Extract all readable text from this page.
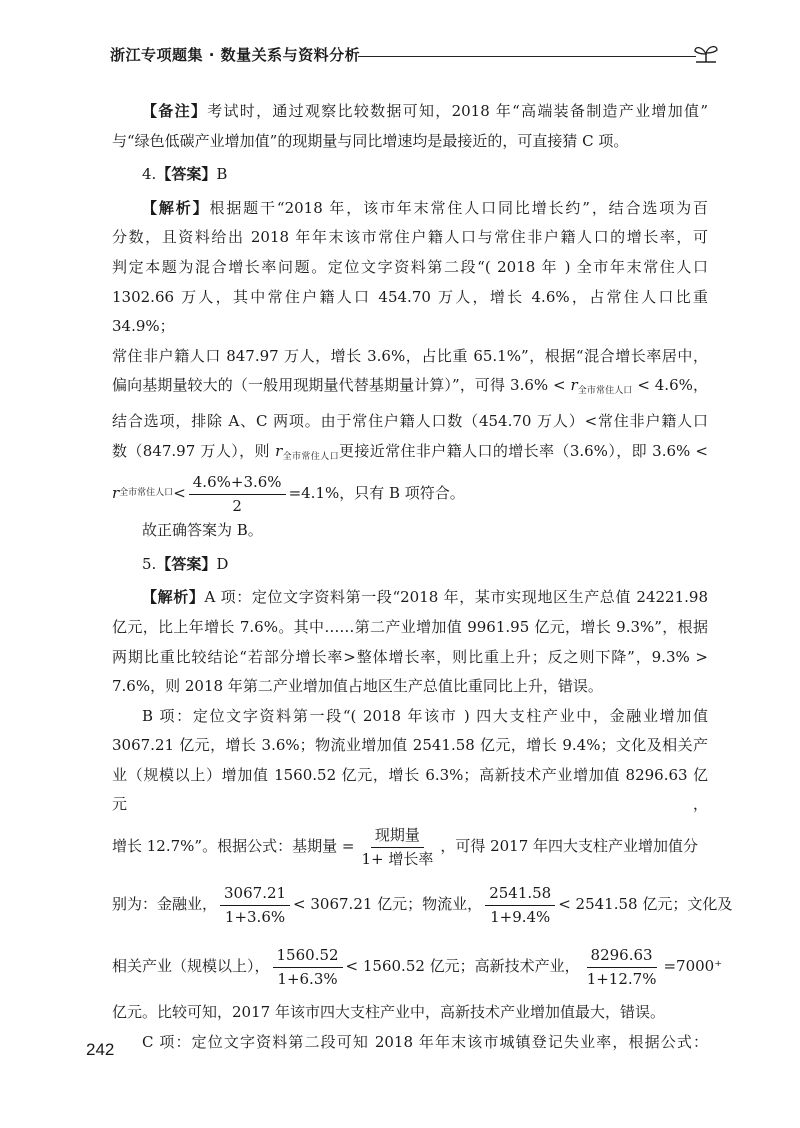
浙江专项题集 · 数量关系与资料分析

【备注】考试时，通过观察比较数据可知，2018 年“高端装备制造产业增加值”

与“绿色低碳产业增加值”的现期量与同比增速均是最接近的，可直接猜 C 项。

4.【答案】B

【解析】根据题干“2018 年，该市年末常住人口同比增长约”，结合选项为百

分数，且资料给出 2018 年年末该市常住户籍人口与常住非户籍人口的增长率，可

判定本题为混合增长率问题。定位文字资料第二段“( 2018 年 ) 全市年末常住人口

1302.66 万人，其中常住户籍人口 454.70 万人，增长 4.6%，占常住人口比重 34.9%；

常住非户籍人口 847.97 万人，增长 3.6%，占比重 65.1%”，根据“混合增长率居中，

偏向基期量较大的（一般用现期量代替基期量计算）”，可得 $3.6\% < r_{全市常住人口} < 4.6\%$，

结合选项，排除 A、C 两项。由于常住户籍人口数（454.70 万人）<常住非户籍人口

数（847.97 万人），则 $r_{全市常住人口}$更接近常住非户籍人口的增长率（3.6%），即 3.6% <

r 全市常住人口 < $\frac{4.6\%+3.6\%}{2} =4.1\%$，只有 B 项符合。

故正确答案为 B。

5.【答案】D

【解析】A 项：定位文字资料第一段“2018 年，某市实现地区生产总值 24221.98

亿元，比上年增长 7.6%。其中……第二产业增加值 9961.95 亿元，增长 9.3%”，根据

两期比重比较结论“若部分增长率>整体增长率，则比重上升；反之则下降”，9.3% >

7.6%，则 2018 年第二产业增加值占地区生产总值比重同比上升，错误。

B 项：定位文字资料第一段“( 2018 年该市 ) 四大支柱产业中，金融业增加值

3067.21 亿元，增长 3.6%；物流业增加值 2541.58 亿元，增长 9.4%；文化及相关产

业（规模以上）增加值 1560.52 亿元，增长 6.3%；高新技术产业增加值 8296.63 亿元，

增长 12.7%”。根据公式：基期量 = $\frac{\text{现期量}}{\text{1+ 增长率}}$ ，可得 2017 年四大支柱产业增加值分
别为：金融业， $\frac{3067.21}{1+3.6\%} < 3067.21$ 亿元；物流业， $\frac{2541.58}{1+9.4\%} < 2541.58$ 亿元；文化及
相关产业（规模以上）， $\frac{1560.52}{1+6.3\%} < 1560.52$ 亿元；高新技术产业， $\frac{8296.63}{1+12.7\%} =7000^+$

亿元。比较可知，2017 年该市四大支柱产业中，高新技术产业增加值最大，错误。

C 项：定位文字资料第二段可知 2018 年年末该市城镇登记失业率，根据公式：

242
